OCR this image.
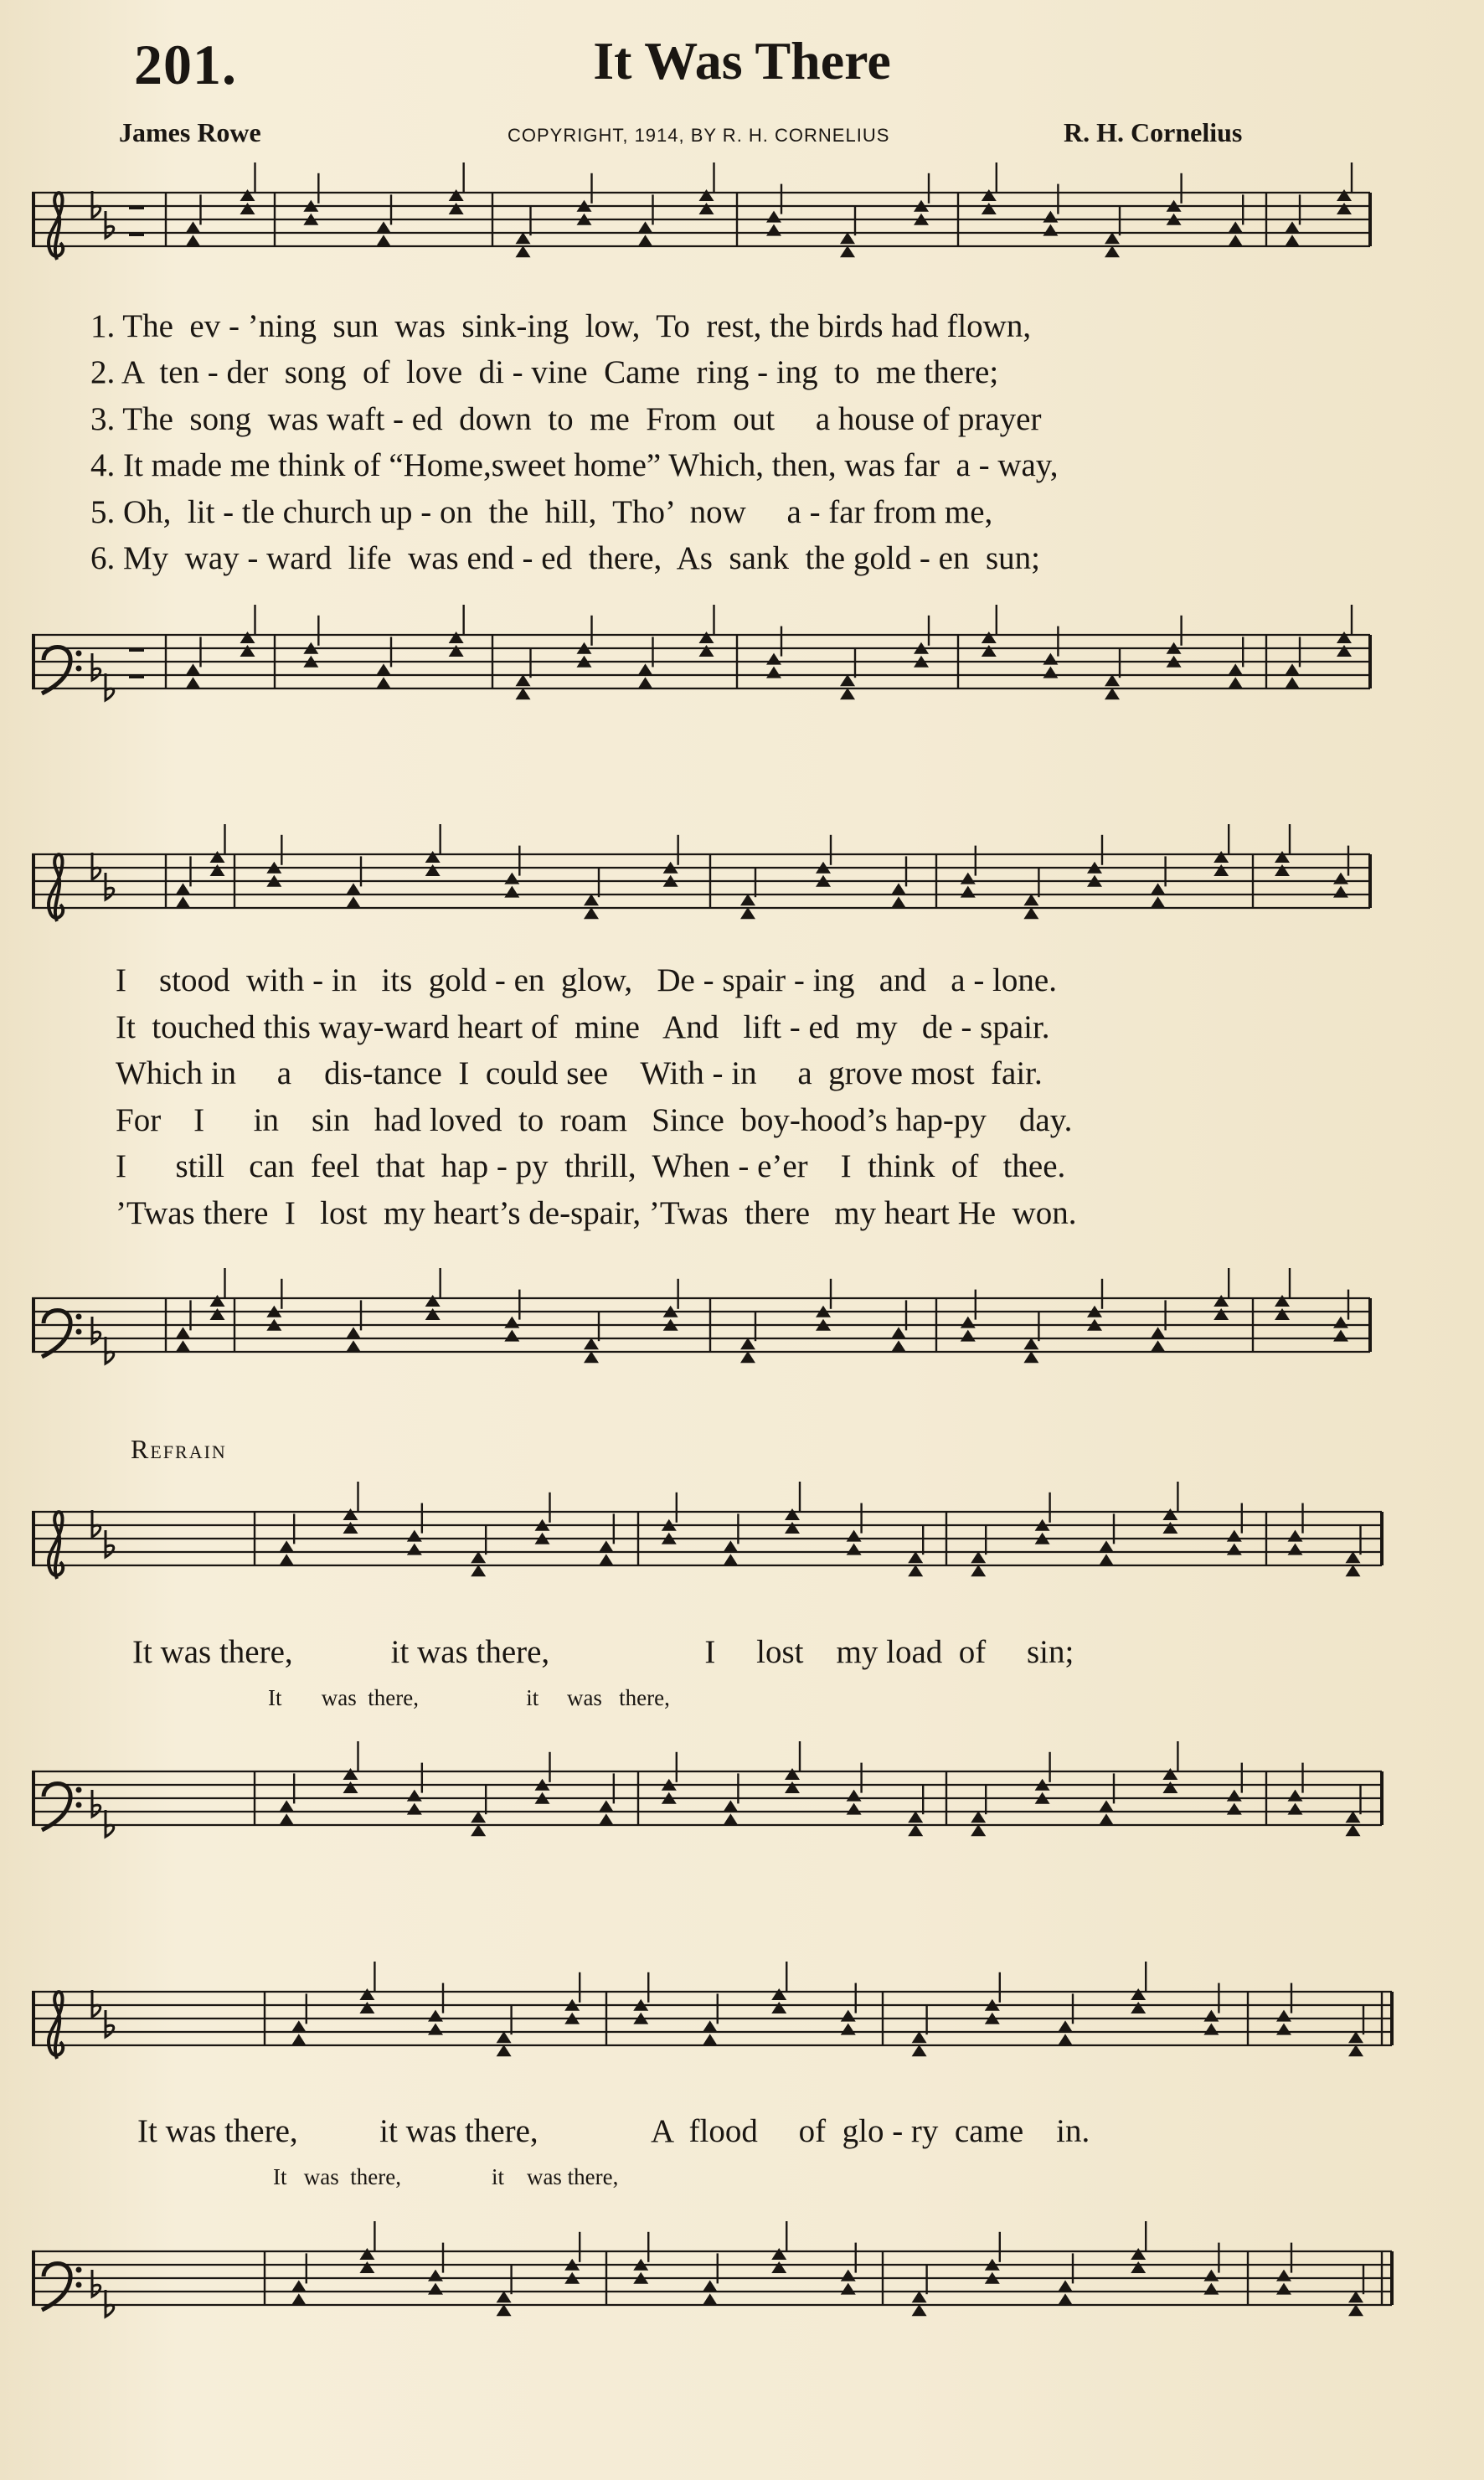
201.	It Was There
James Rowe	COPYRIGHT, 1914, BY R. H. CORNELIUS	R. H. Cornelius
1. The  ev - ’ning  sun  was  sink-ing  low,  To  rest, the birds had flown,
2. A  ten - der  song  of  love  di - vine  Came  ring - ing  to  me there;
3. The  song  was waft - ed  down  to  me  From  out     a house of prayer
4. It made me think of “Home,sweet home” Which, then, was far  a - way,
5. Oh,  lit - tle church up - on  the  hill,  Tho’  now     a - far from me,
6. My  way - ward  life  was end - ed  there,  As  sank  the gold - en  sun;
I    stood  with - in   its  gold - en  glow,   De - spair - ing   and   a - lone.
It  touched this way-ward heart of  mine   And   lift - ed  my   de - spair.
Which in     a    dis-tance  I  could see    With - in     a  grove most  fair.
For    I      in    sin   had loved  to  roam   Since  boy-hood’s hap-py    day.
I      still   can  feel  that  hap - py  thrill,  When - e’er    I  think  of   thee.
’Twas there  I   lost  my heart’s de-spair, ’Twas  there   my heart He  won.
Refrain
It was there,            it was there,                   I     lost    my load  of     sin;
It       was  there,                   it     was   there,
It was there,          it was there,              A  flood     of  glo - ry  came    in.
It   was  there,                it    was there,
